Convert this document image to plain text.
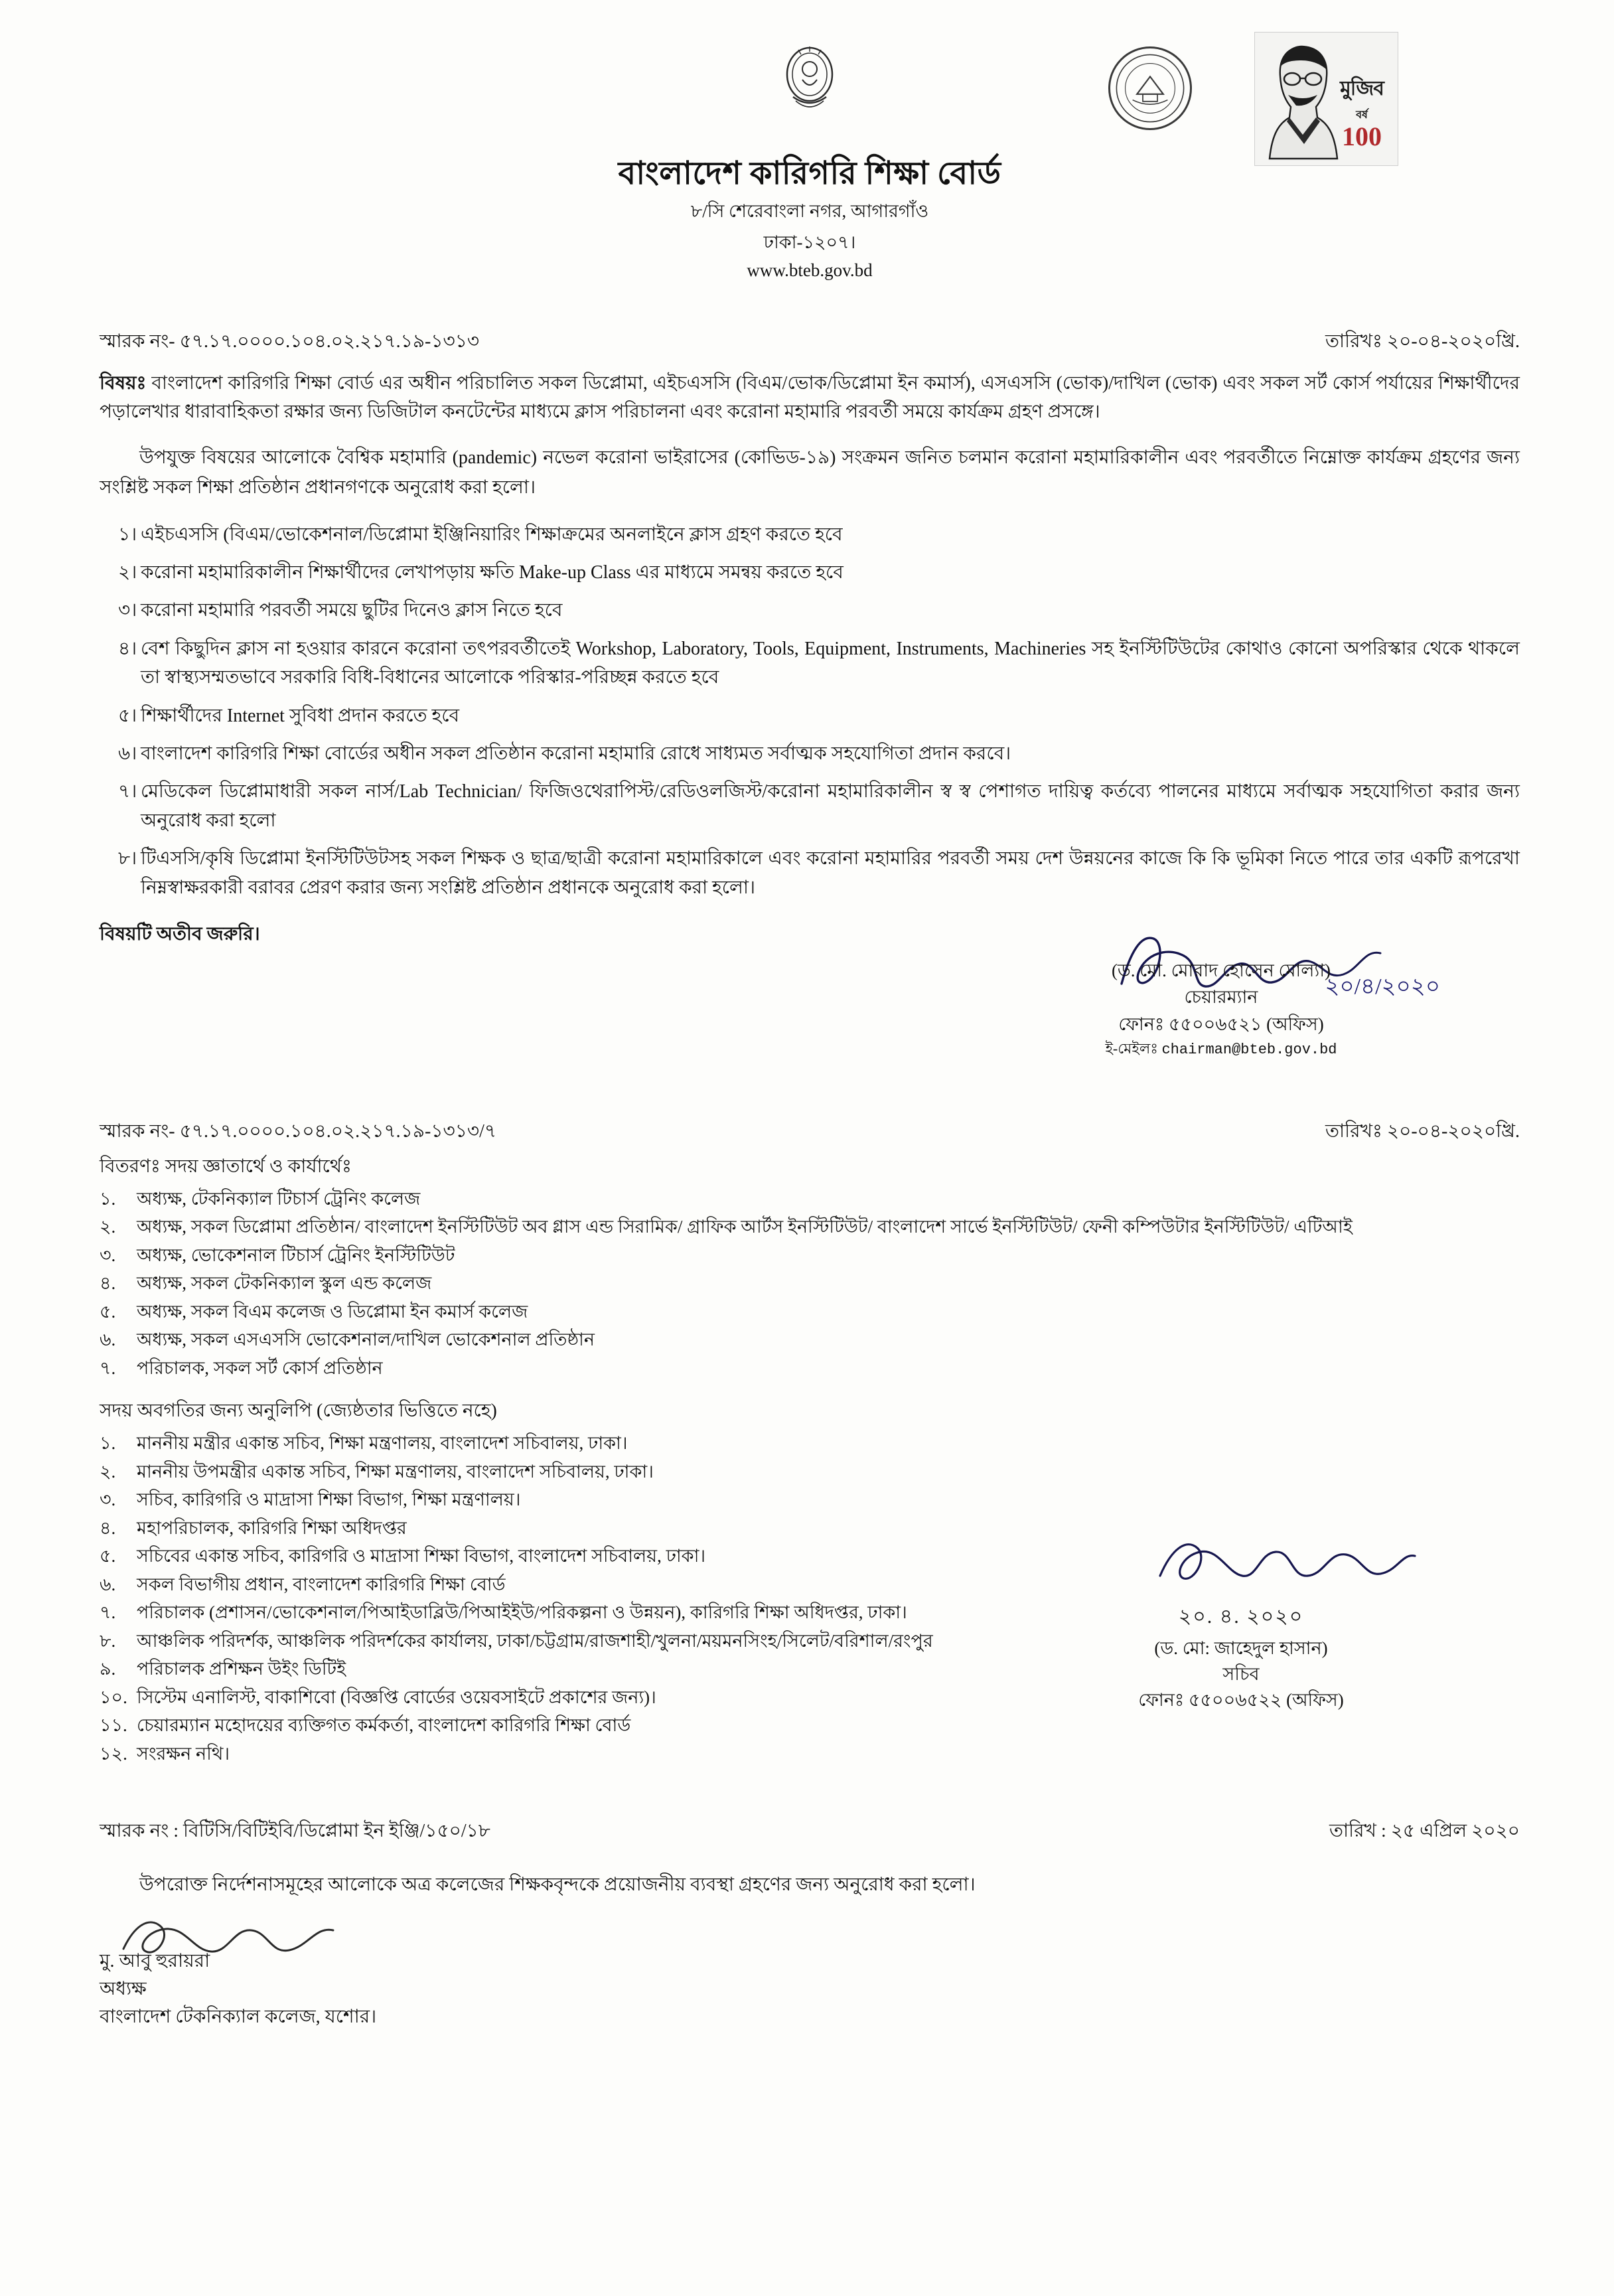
মুজিব
বর্ষ
100
বাংলাদেশ কারিগরি শিক্ষা বোর্ড
৮/সি শেরেবাংলা নগর, আগারগাঁও
ঢাকা-১২০৭।
www.bteb.gov.bd
স্মারক নং- ৫৭.১৭.০০০০.১০৪.০২.২১৭.১৯-১৩১৩	তারিখঃ ২০-০৪-২০২০খ্রি.
বিষয়ঃ বাংলাদেশ কারিগরি শিক্ষা বোর্ড এর অধীন পরিচালিত সকল ডিপ্লোমা, এইচএসসি (বিএম/ভোক/ডিপ্লোমা ইন কমার্স), এসএসসি (ভোক)/দাখিল (ভোক) এবং সকল সর্ট কোর্স পর্যায়ের শিক্ষার্থীদের পড়ালেখার ধারাবাহিকতা রক্ষার জন্য ডিজিটাল কনটেন্টের মাধ্যমে ক্লাস পরিচালনা এবং করোনা মহামারি পরবর্তী সময়ে কার্যক্রম গ্রহণ প্রসঙ্গে।
উপযুক্ত বিষয়ের আলোকে বৈশ্বিক মহামারি (pandemic) নভেল করোনা ভাইরাসের (কোভিড-১৯) সংক্রমন জনিত চলমান করোনা মহামারিকালীন এবং পরবর্তীতে নিম্নোক্ত কার্যক্রম গ্রহণের জন্য সংশ্লিষ্ট সকল শিক্ষা প্রতিষ্ঠান প্রধানগণকে অনুরোধ করা হলো।
১। এইচএসসি (বিএম/ভোকেশনাল/ডিপ্লোমা ইঞ্জিনিয়ারিং শিক্ষাক্রমের অনলাইনে ক্লাস গ্রহণ করতে হবে
২। করোনা মহামারিকালীন শিক্ষার্থীদের লেখাপড়ায় ক্ষতি Make-up Class এর মাধ্যমে সমন্বয় করতে হবে
৩। করোনা মহামারি পরবর্তী সময়ে ছুটির দিনেও ক্লাস নিতে হবে
৪। বেশ কিছুদিন ক্লাস না হওয়ার কারনে করোনা তৎপরবর্তীতেই Workshop, Laboratory, Tools, Equipment, Instruments, Machineries সহ ইনস্টিটিউটের কোথাও কোনো অপরিস্কার থেকে থাকলে তা স্বাস্থ্যসম্মতভাবে সরকারি বিধি-বিধানের আলোকে পরিস্কার-পরিচ্ছন্ন করতে হবে
৫। শিক্ষার্থীদের Internet সুবিধা প্রদান করতে হবে
৬। বাংলাদেশ কারিগরি শিক্ষা বোর্ডের অধীন সকল প্রতিষ্ঠান করোনা মহামারি রোধে সাধ্যমত সর্বাত্মক সহযোগিতা প্রদান করবে।
৭। মেডিকেল ডিপ্লোমাধারী সকল নার্স/Lab Technician/ ফিজিওথেরাপিস্ট/রেডিওলজিস্ট/করোনা মহামারিকালীন স্ব স্ব পেশাগত দায়িত্ব কর্তব্যে পালনের মাধ্যমে সর্বাত্মক সহযোগিতা করার জন্য অনুরোধ করা হলো
৮। টিএসসি/কৃষি ডিপ্লোমা ইনস্টিটিউটসহ সকল শিক্ষক ও ছাত্র/ছাত্রী করোনা মহামারিকালে এবং করোনা মহামারির পরবর্তী সময় দেশ উন্নয়নের কাজে কি কি ভূমিকা নিতে পারে তার একটি রূপরেখা নিম্নস্বাক্ষরকারী বরাবর প্রেরণ করার জন্য সংশ্লিষ্ট প্রতিষ্ঠান প্রধানকে অনুরোধ করা হলো।
বিষয়টি অতীব জরুরি।
২০/৪/২০২০
(ড. মো. মোরাদ হোসেন মোল্যা)
চেয়ারম্যান
ফোনঃ ৫৫০০৬৫২১ (অফিস)
ই-মেইলঃ chairman@bteb.gov.bd
স্মারক নং- ৫৭.১৭.০০০০.১০৪.০২.২১৭.১৯-১৩১৩/৭	তারিখঃ ২০-০৪-২০২০খ্রি.
বিতরণঃ সদয় জ্ঞাতার্থে ও কার্যার্থেঃ
১.	অধ্যক্ষ, টেকনিক্যাল টিচার্স ট্রেনিং কলেজ
২.	অধ্যক্ষ, সকল ডিপ্লোমা প্রতিষ্ঠান/ বাংলাদেশ ইনস্টিটিউট অব গ্লাস এন্ড সিরামিক/ গ্রাফিক আর্টস ইনস্টিটিউট/ বাংলাদেশ সার্ভে ইনস্টিটিউট/ ফেনী কম্পিউটার ইনস্টিটিউট/ এটিআই
৩.	অধ্যক্ষ, ভোকেশনাল টিচার্স ট্রেনিং ইনস্টিটিউট
৪.	অধ্যক্ষ, সকল টেকনিক্যাল স্কুল এন্ড কলেজ
৫.	অধ্যক্ষ, সকল বিএম কলেজ ও ডিপ্লোমা ইন কমার্স কলেজ
৬.	অধ্যক্ষ, সকল এসএসসি ভোকেশনাল/দাখিল ভোকেশনাল প্রতিষ্ঠান
৭.	পরিচালক, সকল সর্ট কোর্স প্রতিষ্ঠান
সদয় অবগতির জন্য অনুলিপি (জ্যেষ্ঠতার ভিত্তিতে নহে)
১.	মাননীয় মন্ত্রীর একান্ত সচিব, শিক্ষা মন্ত্রণালয়, বাংলাদেশ সচিবালয়, ঢাকা।
২.	মাননীয় উপমন্ত্রীর একান্ত সচিব, শিক্ষা মন্ত্রণালয়, বাংলাদেশ সচিবালয়, ঢাকা।
৩.	সচিব, কারিগরি ও মাদ্রাসা শিক্ষা বিভাগ, শিক্ষা মন্ত্রণালয়।
৪.	মহাপরিচালক, কারিগরি শিক্ষা অধিদপ্তর
৫.	সচিবের একান্ত সচিব, কারিগরি ও মাদ্রাসা শিক্ষা বিভাগ, বাংলাদেশ সচিবালয়, ঢাকা।
৬.	সকল বিভাগীয় প্রধান, বাংলাদেশ কারিগরি শিক্ষা বোর্ড
৭.	পরিচালক (প্রশাসন/ভোকেশনাল/পিআইডাব্লিউ/পিআইইউ/পরিকল্পনা ও উন্নয়ন), কারিগরি শিক্ষা অধিদপ্তর, ঢাকা।
৮.	আঞ্চলিক পরিদর্শক, আঞ্চলিক পরিদর্শকের কার্যালয়, ঢাকা/চট্টগ্রাম/রাজশাহী/খুলনা/ময়মনসিংহ/সিলেট/বরিশাল/রংপুর
৯.	পরিচালক প্রশিক্ষন উইং ডিটিই
১০. সিস্টেম এনালিস্ট, বাকাশিবো (বিজ্ঞপ্তি বোর্ডের ওয়েবসাইটে প্রকাশের জন্য)।
১১. চেয়ারম্যান মহোদয়ের ব্যক্তিগত কর্মকর্তা, বাংলাদেশ কারিগরি শিক্ষা বোর্ড
১২. সংরক্ষন নথি।
২০. ৪. ২০২০
(ড. মো: জাহেদুল হাসান)
সচিব
ফোনঃ ৫৫০০৬৫২২ (অফিস)
স্মারক নং : বিটিসি/বিটিইবি/ডিপ্লোমা ইন ইঞ্জি/১৫০/১৮	তারিখ : ২৫ এপ্রিল ২০২০
উপরোক্ত নির্দেশনাসমূহের আলোকে অত্র কলেজের শিক্ষকবৃন্দকে প্রয়োজনীয় ব্যবস্থা গ্রহণের জন্য অনুরোধ করা হলো।
মু. আবু হুরায়রা
অধ্যক্ষ
বাংলাদেশ টেকনিক্যাল কলেজ, যশোর।
